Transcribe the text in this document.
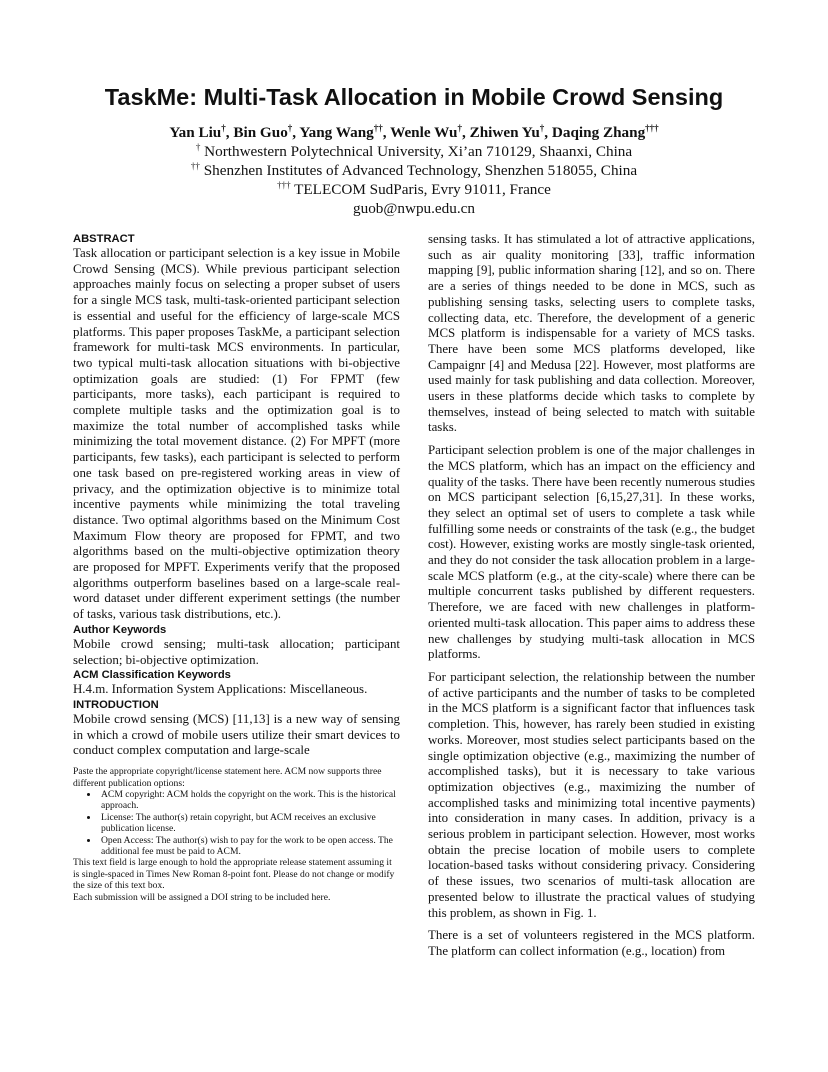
TaskMe: Multi-Task Allocation in Mobile Crowd Sensing
Yan Liu†, Bin Guo†, Yang Wang††, Wenle Wu†, Zhiwen Yu†, Daqing Zhang†††
† Northwestern Polytechnical University, Xi’an 710129, Shaanxi, China
†† Shenzhen Institutes of Advanced Technology, Shenzhen 518055, China
††† TELECOM SudParis, Evry 91011, France
guob@nwpu.edu.cn

ABSTRACT

Task allocation or participant selection is a key issue in Mobile Crowd Sensing (MCS). While previous participant selection approaches mainly focus on selecting a proper subset of users for a single MCS task, multi-task-oriented participant selection is essential and useful for the efficiency of large-scale MCS platforms. This paper proposes TaskMe, a participant selection framework for multi-task MCS environments. In particular, two typical multi-task allocation situations with bi-objective optimization goals are studied: (1) For FPMT (few participants, more tasks), each participant is required to complete multiple tasks and the optimization goal is to maximize the total number of accomplished tasks while minimizing the total movement distance. (2) For MPFT (more participants, few tasks), each participant is selected to perform one task based on pre-registered working areas in view of privacy, and the optimization objective is to minimize total incentive payments while minimizing the total traveling distance. Two optimal algorithms based on the Minimum Cost Maximum Flow theory are proposed for FPMT, and two algorithms based on the multi-objective optimization theory are proposed for MPFT. Experiments verify that the proposed algorithms outperform baselines based on a large-scale real-word dataset under different experiment settings (the number of tasks, various task distributions, etc.).

Author Keywords

Mobile crowd sensing; multi-task allocation; participant selection; bi-objective optimization.

ACM Classification Keywords

H.4.m. Information System Applications: Miscellaneous.

INTRODUCTION

Mobile crowd sensing (MCS) [11,13] is a new way of sensing in which a crowd of mobile users utilize their smart devices to conduct complex computation and large-scale

Paste the appropriate copyright/license statement here. ACM now supports three different publication options:
• ACM copyright: ACM holds the copyright on the work. This is the historical approach.
• License: The author(s) retain copyright, but ACM receives an exclusive publication license.
• Open Access: The author(s) wish to pay for the work to be open access. The additional fee must be paid to ACM.
This text field is large enough to hold the appropriate release statement assuming it is single-spaced in Times New Roman 8-point font. Please do not change or modify the size of this text box.
Each submission will be assigned a DOI string to be included here.

sensing tasks. It has stimulated a lot of attractive applications, such as air quality monitoring [33], traffic information mapping [9], public information sharing [12], and so on. There are a series of things needed to be done in MCS, such as publishing sensing tasks, selecting users to complete tasks, collecting data, etc. Therefore, the development of a generic MCS platform is indispensable for a variety of MCS tasks. There have been some MCS platforms developed, like Campaignr [4] and Medusa [22]. However, most platforms are used mainly for task publishing and data collection. Moreover, users in these platforms decide which tasks to complete by themselves, instead of being selected to match with suitable tasks.

Participant selection problem is one of the major challenges in the MCS platform, which has an impact on the efficiency and quality of the tasks. There have been recently numerous studies on MCS participant selection [6,15,27,31]. In these works, they select an optimal set of users to complete a task while fulfilling some needs or constraints of the task (e.g., the budget cost). However, existing works are mostly single-task oriented, and they do not consider the task allocation problem in a large-scale MCS platform (e.g., at the city-scale) where there can be multiple concurrent tasks published by different requesters. Therefore, we are faced with new challenges in platform-oriented multi-task allocation. This paper aims to address these new challenges by studying multi-task allocation in MCS platforms.

For participant selection, the relationship between the number of active participants and the number of tasks to be completed in the MCS platform is a significant factor that influences task completion. This, however, has rarely been studied in existing works. Moreover, most studies select participants based on the single optimization objective (e.g., maximizing the number of accomplished tasks), but it is necessary to take various optimization objectives (e.g., maximizing the number of accomplished tasks and minimizing total incentive payments) into consideration in many cases. In addition, privacy is a serious problem in participant selection. However, most works obtain the precise location of mobile users to complete location-based tasks without considering privacy. Considering of these issues, two scenarios of multi-task allocation are presented below to illustrate the practical values of studying this problem, as shown in Fig. 1.

There is a set of volunteers registered in the MCS platform. The platform can collect information (e.g., location) from
